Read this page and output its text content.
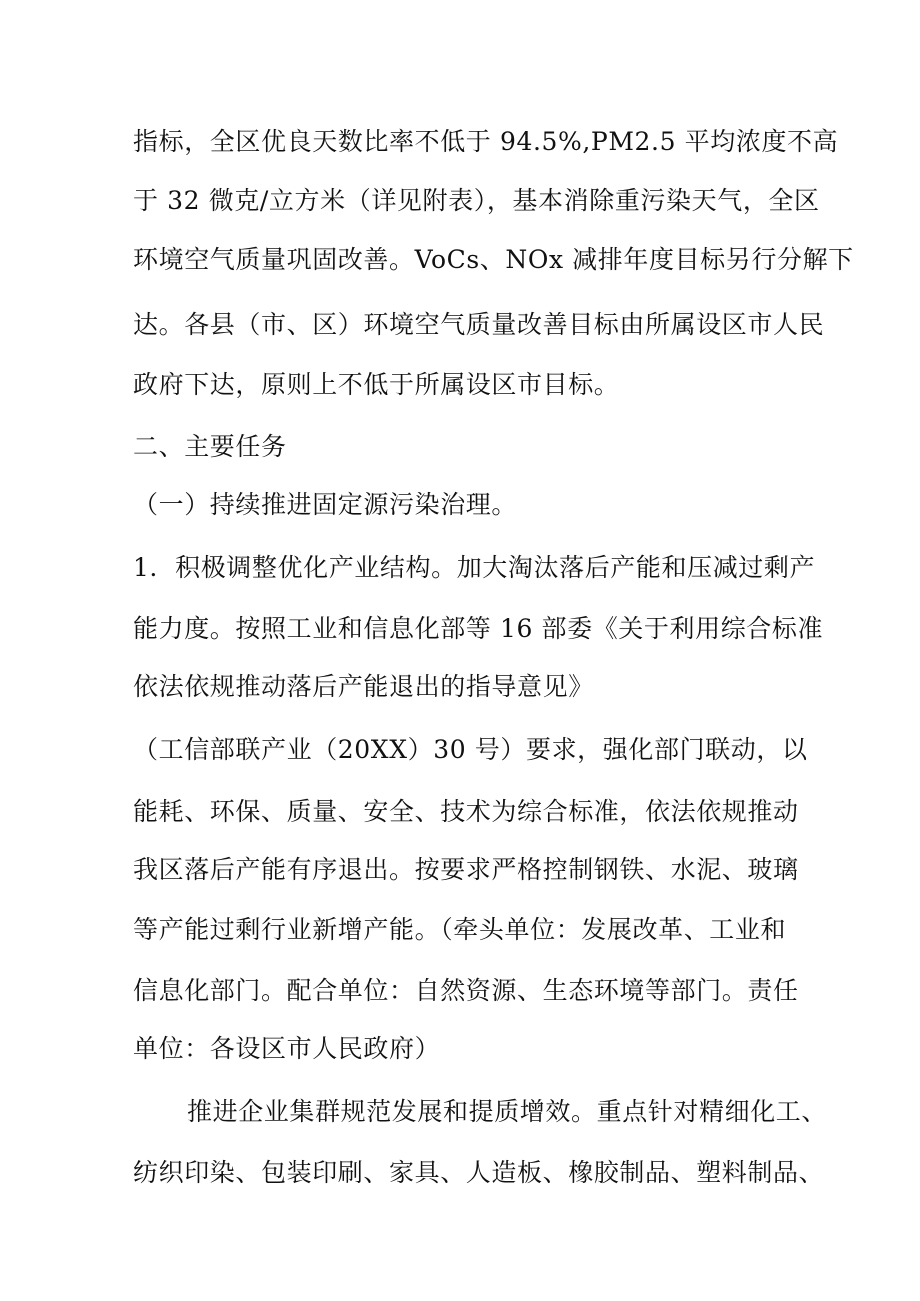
指标，全区优良天数比率不低于 94.5%,PM2.5 平均浓度不高
于 32 微克/立方米（详见附表），基本消除重污染天气，全区
环境空气质量巩固改善。VoCs、NOx 减排年度目标另行分解下
达。各县（市、区）环境空气质量改善目标由所属设区市人民
政府下达，原则上不低于所属设区市目标。
二、主要任务
（一）持续推进固定源污染治理。
1．积极调整优化产业结构。加大淘汰落后产能和压减过剩产
能力度。按照工业和信息化部等 16 部委《关于利用综合标准
依法依规推动落后产能退出的指导意见》
（工信部联产业（20XX）30 号）要求，强化部门联动，以
能耗、环保、质量、安全、技术为综合标准，依法依规推动
我区落后产能有序退出。按要求严格控制钢铁、水泥、玻璃
等产能过剩行业新增产能。（牵头单位：发展改革、工业和
信息化部门。配合单位：自然资源、生态环境等部门。责任
单位：各设区市人民政府）
推进企业集群规范发展和提质增效。重点针对精细化工、
纺织印染、包装印刷、家具、人造板、橡胶制品、塑料制品、
